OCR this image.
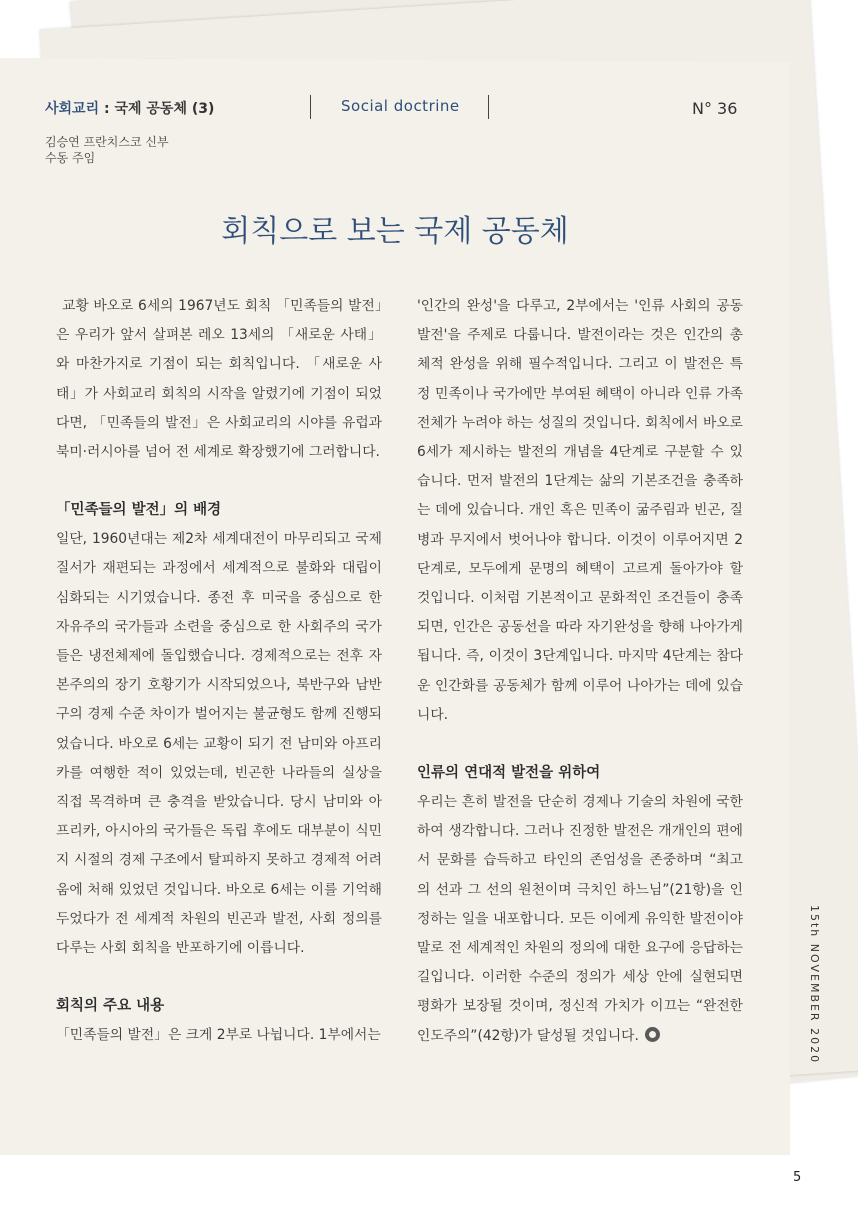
사회교리 : 국제 공동체 (3)	Social doctrine	N° 36
김승연 프란치스코 신부
수동 주임
회칙으로 보는 국제 공동체

교황 바오로 6세의 1967년도 회칙 「민족들의 발전」은 우리가 앞서 살펴본 레오 13세의 「새로운 사태」와 마찬가지로 기점이 되는 회칙입니다. 「새로운 사태」가 사회교리 회칙의 시작을 알렸기에 기점이 되었다면, 「민족들의 발전」은 사회교리의 시야를 유럽과 북미·러시아를 넘어 전 세계로 확장했기에 그러합니다.

「민족들의 발전」의 배경

일단, 1960년대는 제2차 세계대전이 마무리되고 국제 질서가 재편되는 과정에서 세계적으로 불화와 대립이 심화되는 시기였습니다. 종전 후 미국을 중심으로 한 자유주의 국가들과 소련을 중심으로 한 사회주의 국가들은 냉전체제에 돌입했습니다. 경제적으로는 전후 자본주의의 장기 호황기가 시작되었으나, 북반구와 남반구의 경제 수준 차이가 벌어지는 불균형도 함께 진행되었습니다. 바오로 6세는 교황이 되기 전 남미와 아프리카를 여행한 적이 있었는데, 빈곤한 나라들의 실상을 직접 목격하며 큰 충격을 받았습니다. 당시 남미와 아프리카, 아시아의 국가들은 독립 후에도 대부분이 식민지 시절의 경제 구조에서 탈피하지 못하고 경제적 어려움에 처해 있었던 것입니다. 바오로 6세는 이를 기억해두었다가 전 세계적 차원의 빈곤과 발전, 사회 정의를 다루는 사회 회칙을 반포하기에 이릅니다.

회칙의 주요 내용

「민족들의 발전」은 크게 2부로 나뉩니다. 1부에서는

'인간의 완성'을 다루고, 2부에서는 '인류 사회의 공동 발전'을 주제로 다룹니다. 발전이라는 것은 인간의 총체적 완성을 위해 필수적입니다. 그리고 이 발전은 특정 민족이나 국가에만 부여된 혜택이 아니라 인류 가족 전체가 누려야 하는 성질의 것입니다. 회칙에서 바오로 6세가 제시하는 발전의 개념을 4단계로 구분할 수 있습니다. 먼저 발전의 1단계는 삶의 기본조건을 충족하는 데에 있습니다. 개인 혹은 민족이 굶주림과 빈곤, 질병과 무지에서 벗어나야 합니다. 이것이 이루어지면 2단계로, 모두에게 문명의 혜택이 고르게 돌아가야 할 것입니다. 이처럼 기본적이고 문화적인 조건들이 충족되면, 인간은 공동선을 따라 자기완성을 향해 나아가게 됩니다. 즉, 이것이 3단계입니다. 마지막 4단계는 참다운 인간화를 공동체가 함께 이루어 나아가는 데에 있습니다.

인류의 연대적 발전을 위하여

우리는 흔히 발전을 단순히 경제나 기술의 차원에 국한하여 생각합니다. 그러나 진정한 발전은 개개인의 편에서 문화를 습득하고 타인의 존엄성을 존중하며 “최고의 선과 그 선의 원천이며 극치인 하느님”(21항)을 인정하는 일을 내포합니다. 모든 이에게 유익한 발전이야말로 전 세계적인 차원의 정의에 대한 요구에 응답하는 길입니다. 이러한 수준의 정의가 세상 안에 실현되면 평화가 보장될 것이며, 정신적 가치가 이끄는 “완전한 인도주의”(42항)가 달성될 것입니다.	15th NOVEMBER 2020
5
